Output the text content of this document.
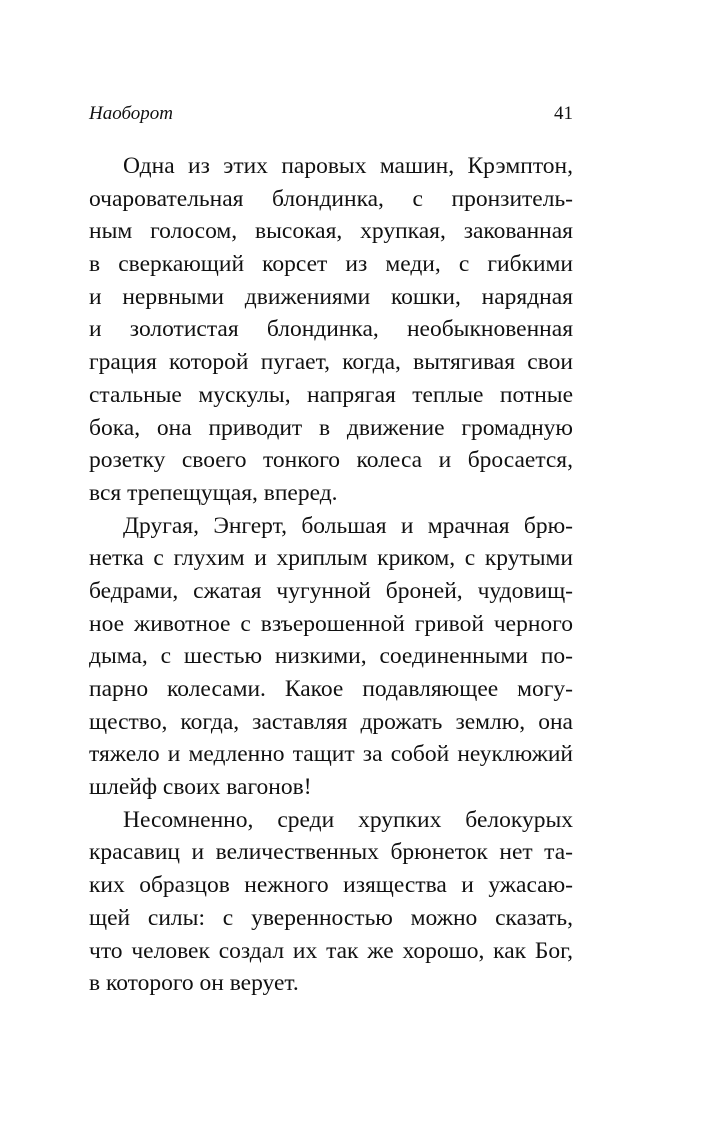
Наоборот	41
Одна из этих паровых машин, Крэмптон,
очаровательная блондинка, с пронзитель-
ным голосом, высокая, хрупкая, закованная
в сверкающий корсет из меди, с гибкими
и нервными движениями кошки, нарядная
и золотистая блондинка, необыкновенная
грация которой пугает, когда, вытягивая свои
стальные мускулы, напрягая теплые потные
бока, она приводит в движение громадную
розетку своего тонкого колеса и бросается,
вся трепещущая, вперед.
Другая, Энгерт, большая и мрачная брю-
нетка с глухим и хриплым криком, с крутыми
бедрами, сжатая чугунной броней, чудовищ-
ное животное с взъерошенной гривой черного
дыма, с шестью низкими, соединенными по-
парно колесами. Какое подавляющее могу-
щество, когда, заставляя дрожать землю, она
тяжело и медленно тащит за собой неуклюжий
шлейф своих вагонов!
Несомненно, среди хрупких белокурых
красавиц и величественных брюнеток нет та-
ких образцов нежного изящества и ужасаю-
щей силы: с уверенностью можно сказать,
что человек создал их так же хорошо, как Бог,
в которого он верует.
